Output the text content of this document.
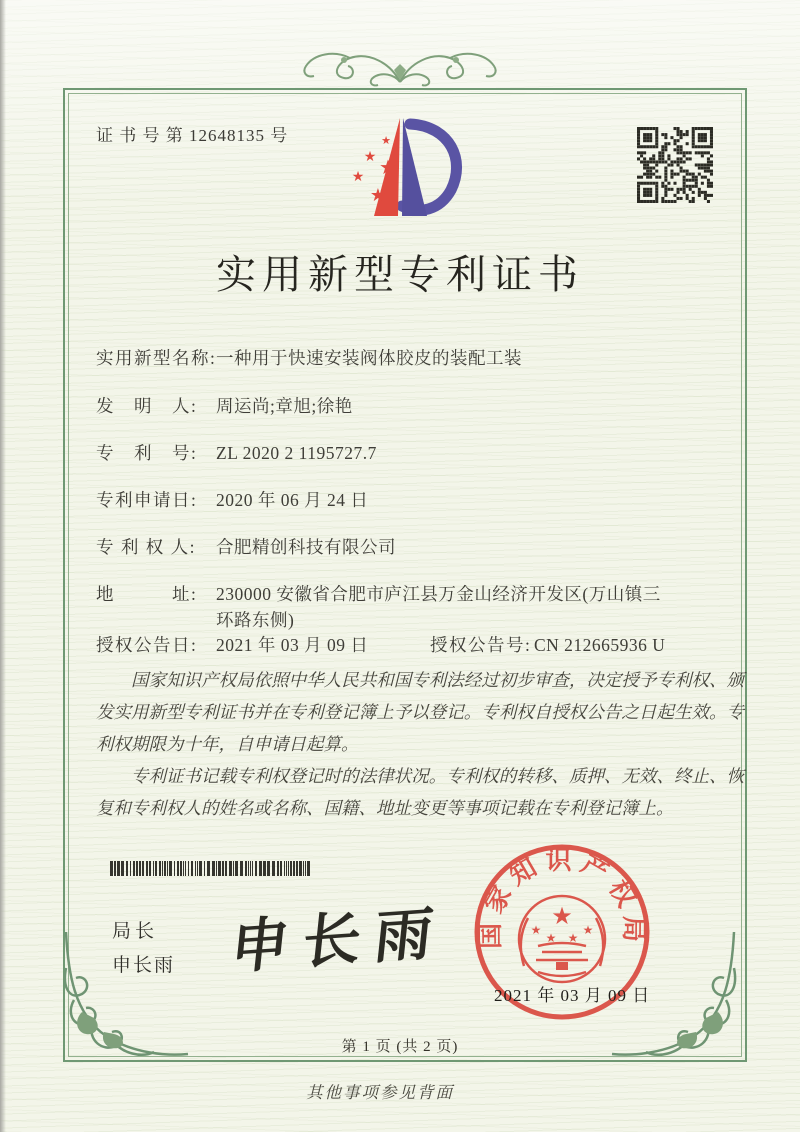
证 书 号 第 12648135 号	★
★ ★
★
★
实用新型专利证书
实用新型名称:一种用于快速安装阀体胶皮的装配工装
发　明　人: 周运尚;章旭;徐艳
专　利　号: ZL 2020 2 1195727.7
专利申请日: 2020 年 06 月 24 日
专 利 权 人: 合肥精创科技有限公司
地　　　址: 230000 安徽省合肥市庐江县万金山经济开发区(万山镇三
环路东侧)
授权公告日: 2021 年 03 月 09 日	授权公告号: CN 212665936 U

国家知识产权局依照中华人民共和国专利法经过初步审查，决定授予专利权、颁发实用新型专利证书并在专利登记簿上予以登记。专利权自授权公告之日起生效。专利权期限为十年，自申请日起算。

专利证书记载专利权登记时的法律状况。专利权的转移、质押、无效、终止、恢复和专利权人的姓名或名称、国籍、地址变更等事项记载在专利登记簿上。

局长
申长雨 申长雨 国家知识产权局
★
★
★ ★
★
2021 年 03 月 09 日
第 1 页 (共 2 页)
其他事项参见背面
